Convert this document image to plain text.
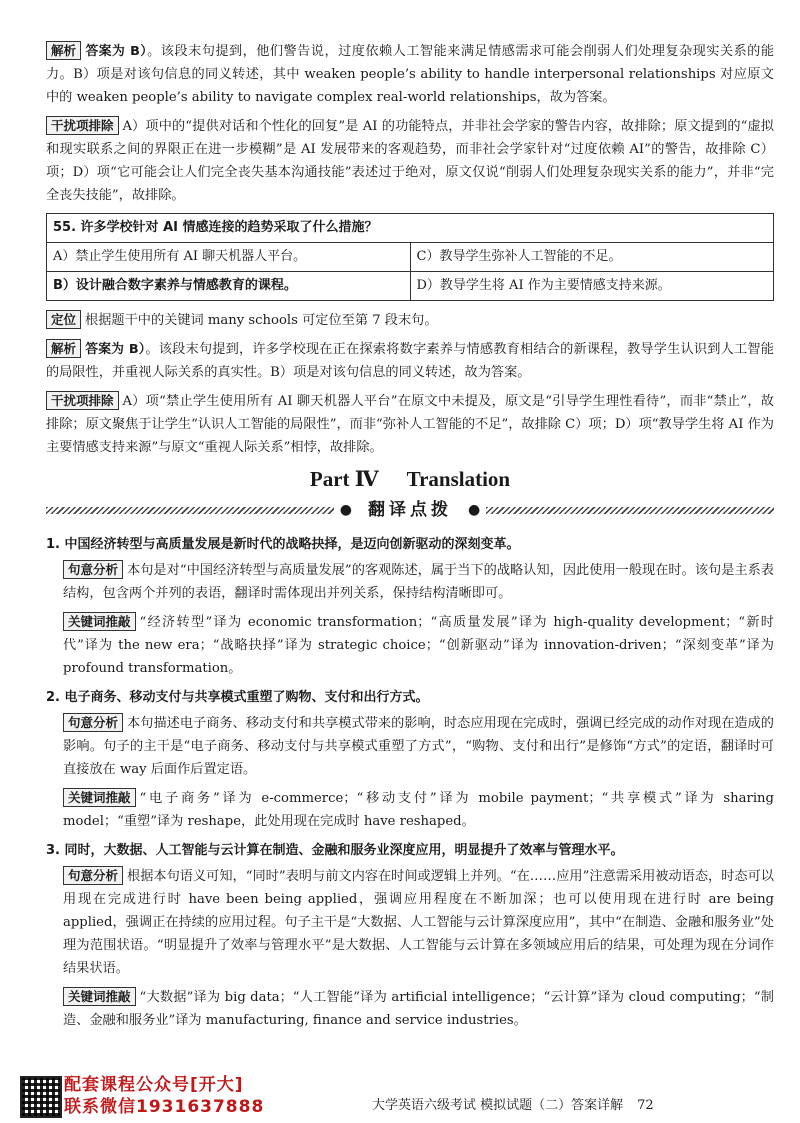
解析 答案为 B）。该段末句提到，他们警告说，过度依赖人工智能来满足情感需求可能会削弱人们处理复杂现实关系的能力。B）项是对该句信息的同义转述，其中 weaken people’s ability to handle interpersonal relationships 对应原文中的 weaken people’s ability to navigate complex real-world relationships，故为答案。

干扰项排除 A）项中的“提供对话和个性化的回复”是 AI 的功能特点，并非社会学家的警告内容，故排除；原文提到的“虚拟和现实联系之间的界限正在进一步模糊”是 AI 发展带来的客观趋势，而非社会学家针对“过度依赖 AI”的警告，故排除 C）项；D）项“它可能会让人们完全丧失基本沟通技能”表述过于绝对，原文仅说“削弱人们处理复杂现实关系的能力”，并非“完全丧失技能”，故排除。

55. 许多学校针对 AI 情感连接的趋势采取了什么措施？	
A）禁止学生使用所有 AI 聊天机器人平台。	C）教导学生弥补人工智能的不足。
B）设计融合数字素养与情感教育的课程。	D）教导学生将 AI 作为主要情感支持来源。

定位 根据题干中的关键词 many schools 可定位至第 7 段末句。

解析 答案为 B）。该段末句提到，许多学校现在正在探索将数字素养与情感教育相结合的新课程，教导学生认识到人工智能的局限性，并重视人际关系的真实性。B）项是对该句信息的同义转述，故为答案。

干扰项排除 A）项“禁止学生使用所有 AI 聊天机器人平台”在原文中未提及，原文是“引导学生理性看待”，而非“禁止”，故排除；原文聚焦于让学生“认识人工智能的局限性”，而非“弥补人工智能的不足”，故排除 C）项；D）项“教导学生将 AI 作为主要情感支持来源”与原文“重视人际关系”相悖，故排除。

Part Ⅳ Translation
● 翻译点拨 ●
1. 中国经济转型与高质量发展是新时代的战略抉择，是迈向创新驱动的深刻变革。

句意分析 本句是对“中国经济转型与高质量发展”的客观陈述，属于当下的战略认知，因此使用一般现在时。该句是主系表结构，包含两个并列的表语，翻译时需体现出并列关系，保持结构清晰即可。

关键词推敲 “经济转型”译为 economic transformation；“高质量发展”译为 high-quality development；“新时代”译为 the new era；“战略抉择”译为 strategic choice；“创新驱动”译为 innovation-driven；“深刻变革”译为 profound transformation。

2. 电子商务、移动支付与共享模式重塑了购物、支付和出行方式。

句意分析 本句描述电子商务、移动支付和共享模式带来的影响，时态应用现在完成时，强调已经完成的动作对现在造成的影响。句子的主干是“电子商务、移动支付与共享模式重塑了方式”，“购物、支付和出行”是修饰“方式”的定语，翻译时可直接放在 way 后面作后置定语。

关键词推敲 “电子商务”译为 e-commerce；“移动支付”译为 mobile payment；“共享模式”译为 sharing model；“重塑”译为 reshape，此处用现在完成时 have reshaped。

3. 同时，大数据、人工智能与云计算在制造、金融和服务业深度应用，明显提升了效率与管理水平。

句意分析 根据本句语义可知，“同时”表明与前文内容在时间或逻辑上并列。“在……应用”注意需采用被动语态，时态可以用现在完成进行时 have been being applied，强调应用程度在不断加深；也可以使用现在进行时 are being applied，强调正在持续的应用过程。句子主干是“大数据、人工智能与云计算深度应用”，其中“在制造、金融和服务业”处理为范围状语。“明显提升了效率与管理水平”是大数据、人工智能与云计算在多领域应用后的结果，可处理为现在分词作结果状语。

关键词推敲 “大数据”译为 big data；“人工智能”译为 artificial intelligence；“云计算”译为 cloud computing；“制造、金融和服务业”译为 manufacturing, finance and service industries。

配套课程公众号[开大]
联系微信1931637888	大学英语六级考试 模拟试题（二）答案详解 72
